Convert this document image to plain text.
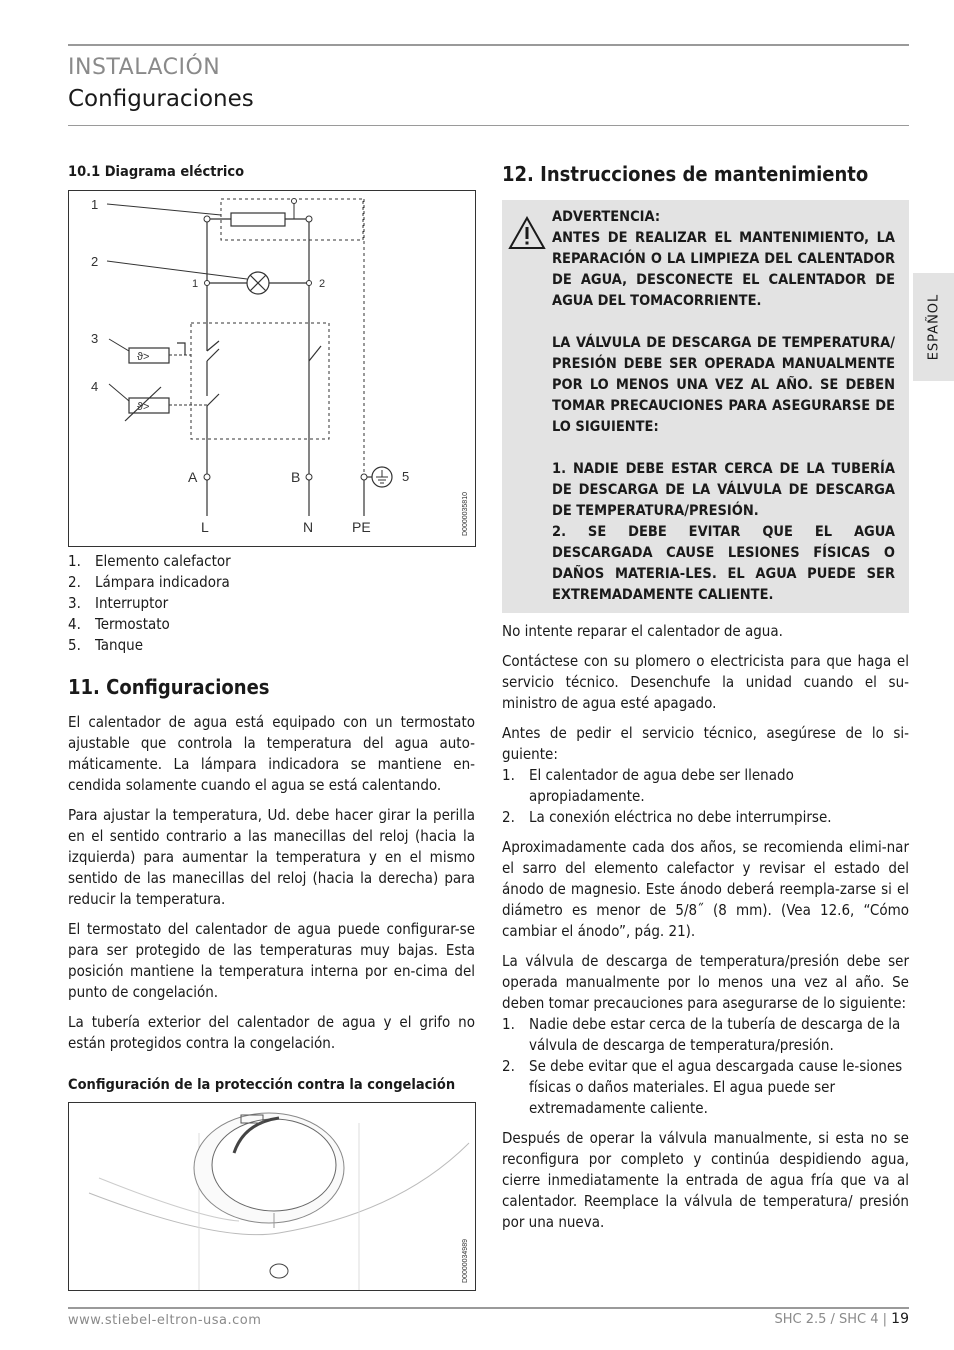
INSTALACIÓN
Configuraciones
ESPAÑOL
10.1 Diagrama eléctrico
1	2
ϑ>
ϑ>
1
2
3
4
A	B	5
L	N	PE	D0000035810
1. Elemento calefactor
2. Lámpara indicadora
3. Interruptor
4. Termostato
5. Tanque
11. Configuraciones

El calentador de agua está equipado con un termostato ajustable que controla la temperatura del agua auto-máticamente. La lámpara indicadora se mantiene en-cendida solamente cuando el agua se está calentando.

Para ajustar la temperatura, Ud. debe hacer girar la perilla en el sentido contrario a las manecillas del reloj (hacia la izquierda) para aumentar la temperatura y en el mismo sentido de las manecillas del reloj (hacia la derecha) para reducir la temperatura.

El termostato del calentador de agua puede configurar-se para ser protegido de las temperaturas muy bajas. Esta posición mantiene la temperatura interna por en-cima del punto de congelación.

La tubería exterior del calentador de agua y el grifo no están protegidos contra la congelación.

Configuración de la protección contra la congelación
D0000034989
12. Instrucciones de mantenimiento

ADVERTENCIA:

ANTES DE REALIZAR EL MANTENIMIENTO, LA REPARACIÓN O LA LIMPIEZA DEL CALENTADOR DE AGUA, DESCONECTE EL CALENTADOR DE AGUA DEL TOMACORRIENTE.

LA VÁLVULA DE DESCARGA DE TEMPERATURA/ PRESIÓN DEBE SER OPERADA MANUALMENTE POR LO MENOS UNA VEZ AL AÑO. SE DEBEN TOMAR PRECAUCIONES PARA ASEGURARSE DE LO SIGUIENTE:

1. NADIE DEBE ESTAR CERCA DE LA TUBERÍA DE DESCARGA DE LA VÁLVULA DE DESCARGA DE TEMPERATURA/PRESIÓN.

2. SE DEBE EVITAR QUE EL AGUA DESCARGADA CAUSE LESIONES FÍSICAS O DAÑOS MATERIA-LES. EL AGUA PUEDE SER EXTREMADAMENTE CALIENTE.

No intente reparar el calentador de agua.

Contáctese con su plomero o electricista para que haga el servicio técnico. Desenchufe la unidad cuando el su-ministro de agua esté apagado.

Antes de pedir el servicio técnico, asegúrese de lo si-guiente:

1. El calentador de agua debe ser llenado apropiadamente.
2. La conexión eléctrica no debe interrumpirse.

Aproximadamente cada dos años, se recomienda elimi-nar el sarro del elemento calefactor y revisar el estado del ánodo de magnesio. Este ánodo deberá reempla-zarse si el diámetro es menor de 5/8˝ (8 mm). (Vea 12.6, “Cómo cambiar el ánodo”, pág. 21).

La válvula de descarga de temperatura/presión debe ser operada manualmente por lo menos una vez al año. Se deben tomar precauciones para asegurarse de lo siguiente:

1. Nadie debe estar cerca de la tubería de descarga de la válvula de descarga de temperatura/presión.
2. Se debe evitar que el agua descargada cause le-siones físicas o daños materiales. El agua puede ser extremadamente caliente.

Después de operar la válvula manualmente, si esta no se reconfigura por completo y continúa despidiendo agua, cierre inmediatamente la entrada de agua fría que va al calentador. Reemplace la válvula de temperatura/ presión por una nueva.

www.stiebel-eltron-usa.com	SHC 2.5 / SHC 4 | 19
